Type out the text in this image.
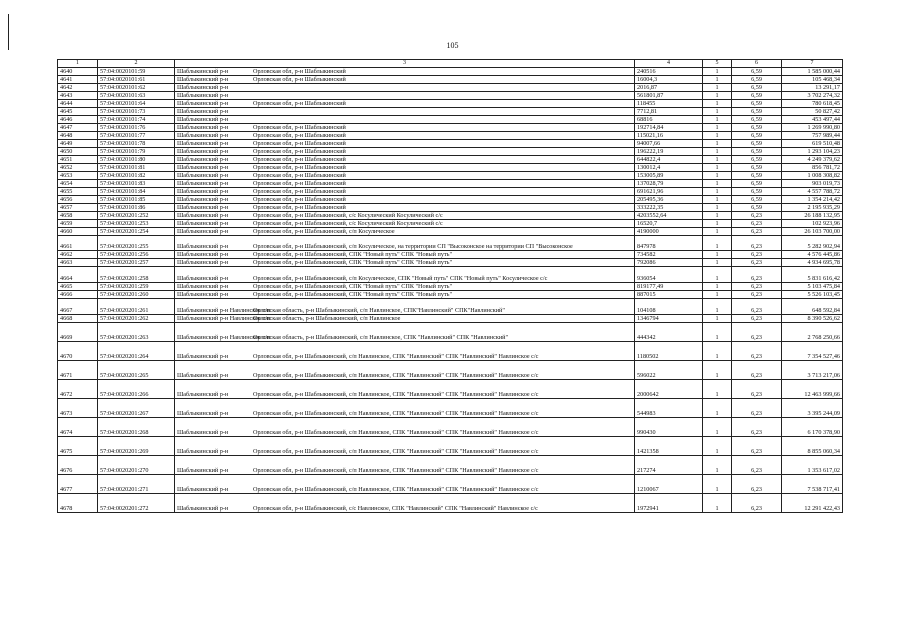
105
1	2	3	4	5	6	7
4640	57:04:0020101:59	Шаблыкинский р-н Орловская обл, р-н Шаблыкинский	240516	1	6,59	1 585 000,44
4641	57:04:0020101:61	Шаблыкинский р-н Орловская обл, р-н Шаблыкинский	16004,3	1	6,59	105 468,34
4642	57:04:0020101:62	Шаблыкинский р-н	2016,87	1	6,59	13 291,17
4643	57:04:0020101:63	Шаблыкинский р-н	561801,87	1	6,59	3 702 274,32
4644	57:04:0020101:64	Шаблыкинский р-н Орловская обл, р-н Шаблыкинский	118455	1	6,59	780 618,45
4645	57:04:0020101:73	Шаблыкинский р-н	7712,81	1	6,59	50 827,42
4646	57:04:0020101:74	Шаблыкинский р-н	68816	1	6,59	453 497,44
4647	57:04:0020101:76	Шаблыкинский р-н Орловская обл, р-н Шаблыкинский	192714,84	1	6,59	1 269 990,80
4648	57:04:0020101:77	Шаблыкинский р-н Орловская обл, р-н Шаблыкинский	115021,16	1	6,59	757 989,44
4649	57:04:0020101:78	Шаблыкинский р-н Орловская обл, р-н Шаблыкинский	94007,66	1	6,59	619 510,48
4650	57:04:0020101:79	Шаблыкинский р-н Орловская обл, р-н Шаблыкинский	196222,19	1	6,59	1 293 104,23
4651	57:04:0020101:80	Шаблыкинский р-н Орловская обл, р-н Шаблыкинский	644822,4	1	6,59	4 249 379,62
4652	57:04:0020101:81	Шаблыкинский р-н Орловская обл, р-н Шаблыкинский	130012,4	1	6,59	856 781,72
4653	57:04:0020101:82	Шаблыкинский р-н Орловская обл, р-н Шаблыкинский	153005,89	1	6,59	1 008 308,82
4654	57:04:0020101:83	Шаблыкинский р-н Орловская обл, р-н Шаблыкинский	137028,79	1	6,59	903 019,73
4655	57:04:0020101:84	Шаблыкинский р-н Орловская обл, р-н Шаблыкинский	691621,96	1	6,59	4 557 788,72
4656	57:04:0020101:85	Шаблыкинский р-н Орловская обл, р-н Шаблыкинский	205495,36	1	6,59	1 354 214,42
4657	57:04:0020101:86	Шаблыкинский р-н Орловская обл, р-н Шаблыкинский	333222,35	1	6,59	2 195 935,29
4658	57:04:0020201:252	Шаблыкинский р-н Орловская обл, р-н Шаблыкинский, с/с Косулический Косулический с/с	4203552,64	1	6,23	26 188 132,95
4659	57:04:0020201:253	Шаблыкинский р-н Орловская обл, р-н Шаблыкинский, с/с Косулический Косулический с/с	16520,7	1	6,23	102 923,96
4660	57:04:0020201:254	Шаблыкинский р-н Орловская обл, р-н Шаблыкинский, с/п Косулическое	4190000	1	6,23	26 103 700,00
4661	57:04:0020201:255	Шаблыкинский р-н Орловская обл, р-н Шаблыкинский, с/п Косулическое, на территории СП "Высоконское на территории СП "Высоконское	847978	1	6,23	5 282 902,94
4662	57:04:0020201:256	Шаблыкинский р-н Орловская обл, р-н Шаблыкинский, СПК "Новый путь" СПК "Новый путь"	734582	1	6,23	4 576 445,86
4663	57:04:0020201:257	Шаблыкинский р-н Орловская обл, р-н Шаблыкинский, СПК "Новый путь" СПК "Новый путь"	792086	1	6,23	4 934 695,78
4664	57:04:0020201:258	Шаблыкинский р-н Орловская обл, р-н Шаблыкинский, с/п Косулическое, СПК "Новый путь" СПК "Новый путь" Косулическое с/с	936054	1	6,23	5 831 616,42
4665	57:04:0020201:259	Шаблыкинский р-н Орловская обл, р-н Шаблыкинский, СПК "Новый путь" СПК "Новый путь"	819177,49	1	6,23	5 103 475,84
4666	57:04:0020201:260	Шаблыкинский р-н Орловская обл, р-н Шаблыкинский, СПК "Новый путь" СПК "Новый путь"	887015	1	6,23	5 526 103,45
4667	57:04:0020201:261	Шаблыкинский р-н Навлинское с/пОрловская область, р-н Шаблыкинский, с/п Навлинское, СПК"Навлинский" СПК"Навлинский"	104108	1	6,23	648 592,84
4668	57:04:0020201:262	Шаблыкинский р-н Навлинское с/пОрловская область, р-н Шаблыкинский, с/п Навлинское	1346794	1	6,23	8 390 526,62
4669	57:04:0020201:263	Шаблыкинский р-н Навлинское с/пОрловская область, р-н Шаблыкинский, с/п Навлинское, СПК "Навлинский" СПК "Навлинский"	444342	1	6,23	2 768 250,66
4670	57:04:0020201:264	Шаблыкинский р-н Орловская обл, р-н Шаблыкинский, с/п Навлинское, СПК "Навлинский" СПК "Навлинский" Навлинское с/с	1180502	1	6,23	7 354 527,46
4671	57:04:0020201:265	Шаблыкинский р-н Орловская обл, р-н Шаблыкинский, с/п Навлинское, СПК "Навлинский" СПК "Навлинский" Навлинское с/с	596022	1	6,23	3 713 217,06
4672	57:04:0020201:266	Шаблыкинский р-н Орловская обл, р-н Шаблыкинский, с/п Навлинское, СПК "Навлинский" СПК "Навлинский" Навлинское с/с	2000642	1	6,23	12 463 999,66
4673	57:04:0020201:267	Шаблыкинский р-н Орловская обл, р-н Шаблыкинский, с/п Навлинское, СПК "Навлинский" СПК "Навлинский" Навлинское с/с	544983	1	6,23	3 395 244,09
4674	57:04:0020201:268	Шаблыкинский р-н Орловская обл, р-н Шаблыкинский, с/п Навлинское, СПК "Навлинский" СПК "Навлинский" Навлинское с/с	990430	1	6,23	6 170 378,90
4675	57:04:0020201:269	Шаблыкинский р-н Орловская обл, р-н Шаблыкинский, с/п Навлинское, СПК "Навлинский" СПК "Навлинский" Навлинское с/с	1421358	1	6,23	8 855 060,34
4676	57:04:0020201:270	Шаблыкинский р-н Орловская обл, р-н Шаблыкинский, с/п Навлинское, СПК "Навлинский" СПК "Навлинский" Навлинское с/с	217274	1	6,23	1 353 617,02
4677	57:04:0020201:271	Шаблыкинский р-н Орловская обл, р-н Шаблыкинский, с/п Навлинское, СПК "Навлинский" СПК "Навлинский" Навлинское с/с	1210067	1	6,23	7 538 717,41
4678	57:04:0020201:272	Шаблыкинский р-н Орловская обл, р-н Шаблыкинский, с/с Навлинское, СПК "Навлинский" СПК "Навлинский" Навлинское с/с	1972941	1	6,23	12 291 422,43
